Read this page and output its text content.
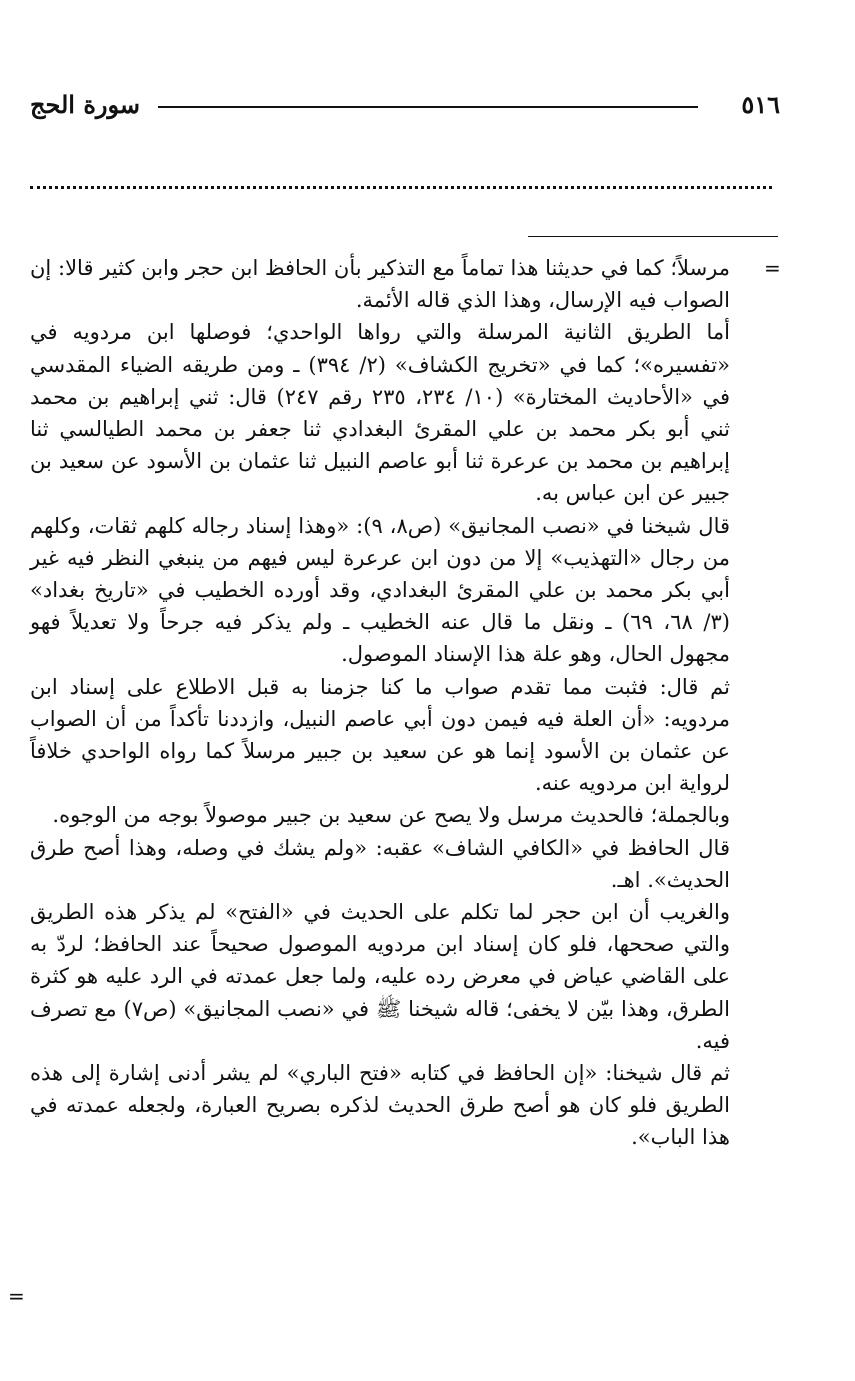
٥١٦
سورة الحج
=
=

مرسلاً؛ كما في حديثنا هذا تماماً مع التذكير بأن الحافظ ابن حجر وابن كثير قالا: إن الصواب فيه الإرسال، وهذا الذي قاله الأئمة.

أما الطريق الثانية المرسلة والتي رواها الواحدي؛ فوصلها ابن مردويه في «تفسيره»؛ كما في «تخريج الكشاف» (٢/ ٣٩٤) ـ ومن طريقه الضياء المقدسي في «الأحاديث المختارة» (١٠/ ٢٣٤، ٢٣٥ رقم ٢٤٧) قال: ثني إبراهيم بن محمد ثني أبو بكر محمد بن علي المقرئ البغدادي ثنا جعفر بن محمد الطيالسي ثنا إبراهيم بن محمد بن عرعرة ثنا أبو عاصم النبيل ثنا عثمان بن الأسود عن سعيد بن جبير عن ابن عباس به.

قال شيخنا في «نصب المجانيق» (ص٨، ٩): «وهذا إسناد رجاله كلهم ثقات، وكلهم من رجال «التهذيب» إلا من دون ابن عرعرة ليس فيهم من ينبغي النظر فيه غير أبي بكر محمد بن علي المقرئ البغدادي، وقد أورده الخطيب في «تاريخ بغداد» (٣/ ٦٨، ٦٩) ـ ونقل ما قال عنه الخطيب ـ ولم يذكر فيه جرحاً ولا تعديلاً فهو مجهول الحال، وهو علة هذا الإسناد الموصول.

ثم قال: فثبت مما تقدم صواب ما كنا جزمنا به قبل الاطلاع على إسناد ابن مردويه: «أن العلة فيه فيمن دون أبي عاصم النبيل، وازددنا تأكداً من أن الصواب عن عثمان بن الأسود إنما هو عن سعيد بن جبير مرسلاً كما رواه الواحدي خلافاً لرواية ابن مردويه عنه.

وبالجملة؛ فالحديث مرسل ولا يصح عن سعيد بن جبير موصولاً بوجه من الوجوه.

قال الحافظ في «الكافي الشاف» عقبه: «ولم يشك في وصله، وهذا أصح طرق الحديث». اهـ.

والغريب أن ابن حجر لما تكلم على الحديث في «الفتح» لم يذكر هذه الطريق والتي صححها، فلو كان إسناد ابن مردويه الموصول صحيحاً عند الحافظ؛ لردّ به على القاضي عياض في معرض رده عليه، ولما جعل عمدته في الرد عليه هو كثرة الطرق، وهذا بيّن لا يخفى؛ قاله شيخنا ﷺ في «نصب المجانيق» (ص٧) مع تصرف فيه.

ثم قال شيخنا: «إن الحافظ في كتابه «فتح الباري» لم يشر أدنى إشارة إلى هذه الطريق فلو كان هو أصح طرق الحديث لذكره بصريح العبارة، ولجعله عمدته في هذا الباب».
